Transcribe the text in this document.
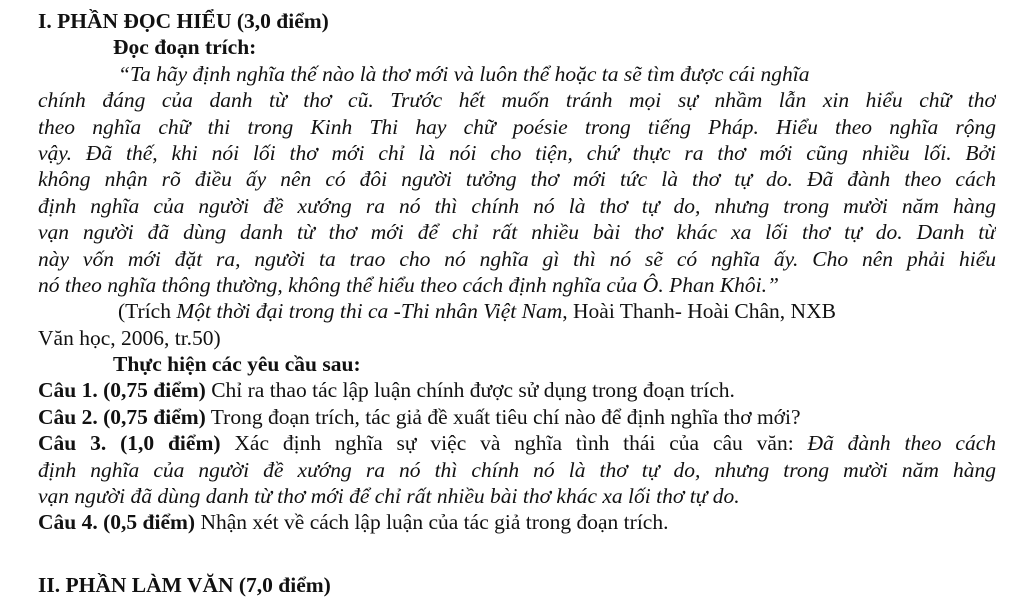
I. PHẦN ĐỌC HIỂU (3,0 điểm)
Đọc đoạn trích:
“Ta hãy định nghĩa thế nào là thơ mới và luôn thể hoặc ta sẽ tìm được cái nghĩa
chính đáng của danh từ thơ cũ. Trước hết muốn tránh mọi sự nhầm lẫn xin hiểu chữ thơ
theo nghĩa chữ thi trong Kinh Thi hay chữ poésie trong tiếng Pháp. Hiểu theo nghĩa rộng
vậy. Đã thế, khi nói lối thơ mới chỉ là nói cho tiện, chứ thực ra thơ mới cũng nhiều lối. Bởi
không nhận rõ điều ấy nên có đôi người tưởng thơ mới tức là thơ tự do. Đã đành theo cách
định nghĩa của người đề xướng ra nó thì chính nó là thơ tự do, nhưng trong mười năm hàng
vạn người đã dùng danh từ thơ mới để chỉ rất nhiều bài thơ khác xa lối thơ tự do. Danh từ
này vốn mới đặt ra, người ta trao cho nó nghĩa gì thì nó sẽ có nghĩa ấy. Cho nên phải hiểu
nó theo nghĩa thông thường, không thể hiểu theo cách định nghĩa của Ô. Phan Khôi.”
(Trích Một thời đại trong thi ca -Thi nhân Việt Nam, Hoài Thanh- Hoài Chân, NXB
Văn học, 2006, tr.50)
Thực hiện các yêu cầu sau:
Câu 1. (0,75 điểm) Chỉ ra thao tác lập luận chính được sử dụng trong đoạn trích.
Câu 2. (0,75 điểm) Trong đoạn trích, tác giả đề xuất tiêu chí nào để định nghĩa thơ mới?
Câu 3. (1,0 điểm) Xác định nghĩa sự việc và nghĩa tình thái của câu văn: Đã đành theo cách
định nghĩa của người đề xướng ra nó thì chính nó là thơ tự do, nhưng trong mười năm hàng
vạn người đã dùng danh từ thơ mới để chỉ rất nhiều bài thơ khác xa lối thơ tự do.
Câu 4. (0,5 điểm) Nhận xét về cách lập luận của tác giả trong đoạn trích.
II. PHẦN LÀM VĂN (7,0 điểm)
